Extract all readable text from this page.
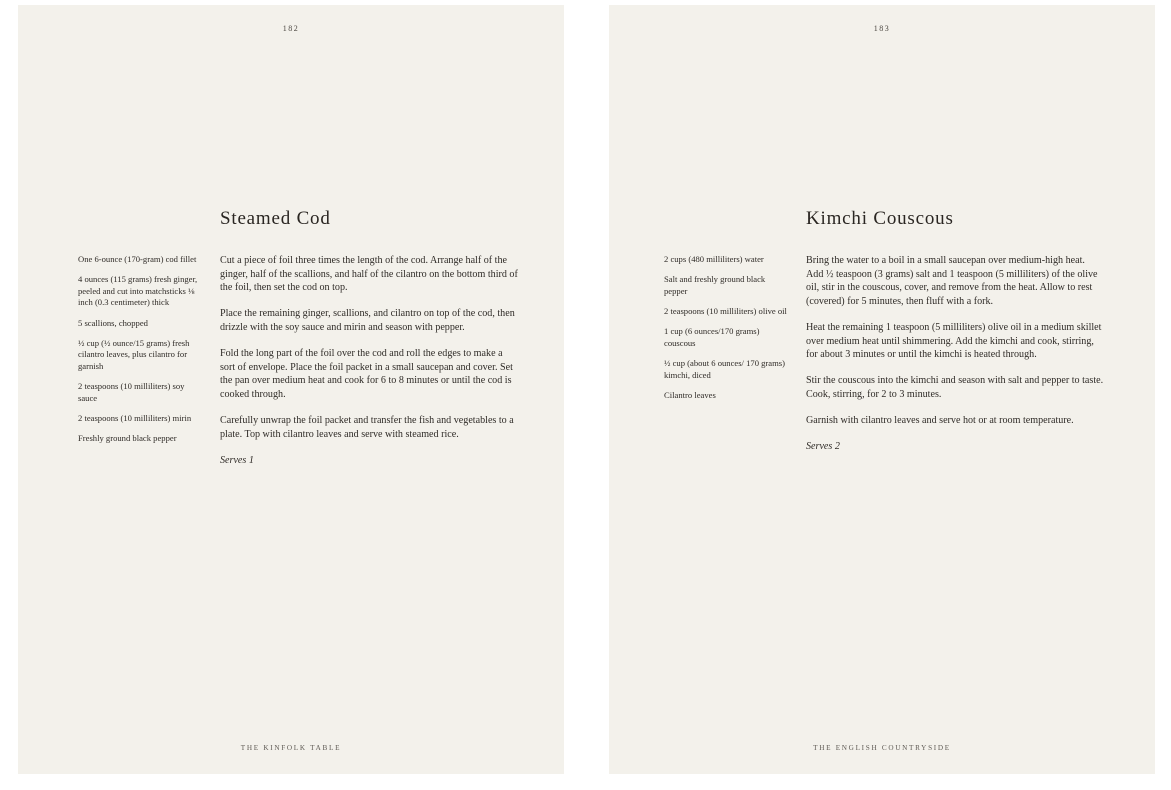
182
Steamed Cod
One 6-ounce (170-gram) cod fillet
4 ounces (115 grams) fresh ginger, peeled and cut into matchsticks ⅛ inch (0.3 centimeter) thick
5 scallions, chopped
½ cup (½ ounce/15 grams) fresh cilantro leaves, plus cilantro for garnish
2 teaspoons (10 milliliters) soy sauce
2 teaspoons (10 milliliters) mirin
Freshly ground black pepper

Cut a piece of foil three times the length of the cod. Arrange half of the ginger, half of the scallions, and half of the cilantro on the bottom third of the foil, then set the cod on top.

Place the remaining ginger, scallions, and cilantro on top of the cod, then drizzle with the soy sauce and mirin and season with pepper.

Fold the long part of the foil over the cod and roll the edges to make a sort of envelope. Place the foil packet in a small saucepan and cover. Set the pan over medium heat and cook for 6 to 8 minutes or until the cod is cooked through.

Carefully unwrap the foil packet and transfer the fish and vegetables to a plate. Top with cilantro leaves and serve with steamed rice.

Serves 1

THE KINFOLK TABLE
183
Kimchi Couscous
2 cups (480 milliliters) water
Salt and freshly ground black pepper
2 teaspoons (10 milliliters) olive oil
1 cup (6 ounces/170 grams) couscous
½ cup (about 6 ounces/ 170 grams) kimchi, diced
Cilantro leaves

Bring the water to a boil in a small saucepan over medium-high heat. Add ½ teaspoon (3 grams) salt and 1 teaspoon (5 milliliters) of the olive oil, stir in the couscous, cover, and remove from the heat. Allow to rest (covered) for 5 minutes, then fluff with a fork.

Heat the remaining 1 teaspoon (5 milliliters) olive oil in a medium skillet over medium heat until shimmering. Add the kimchi and cook, stirring, for about 3 minutes or until the kimchi is heated through.

Stir the couscous into the kimchi and season with salt and pepper to taste. Cook, stirring, for 2 to 3 minutes.

Garnish with cilantro leaves and serve hot or at room temperature.

Serves 2

THE ENGLISH COUNTRYSIDE
